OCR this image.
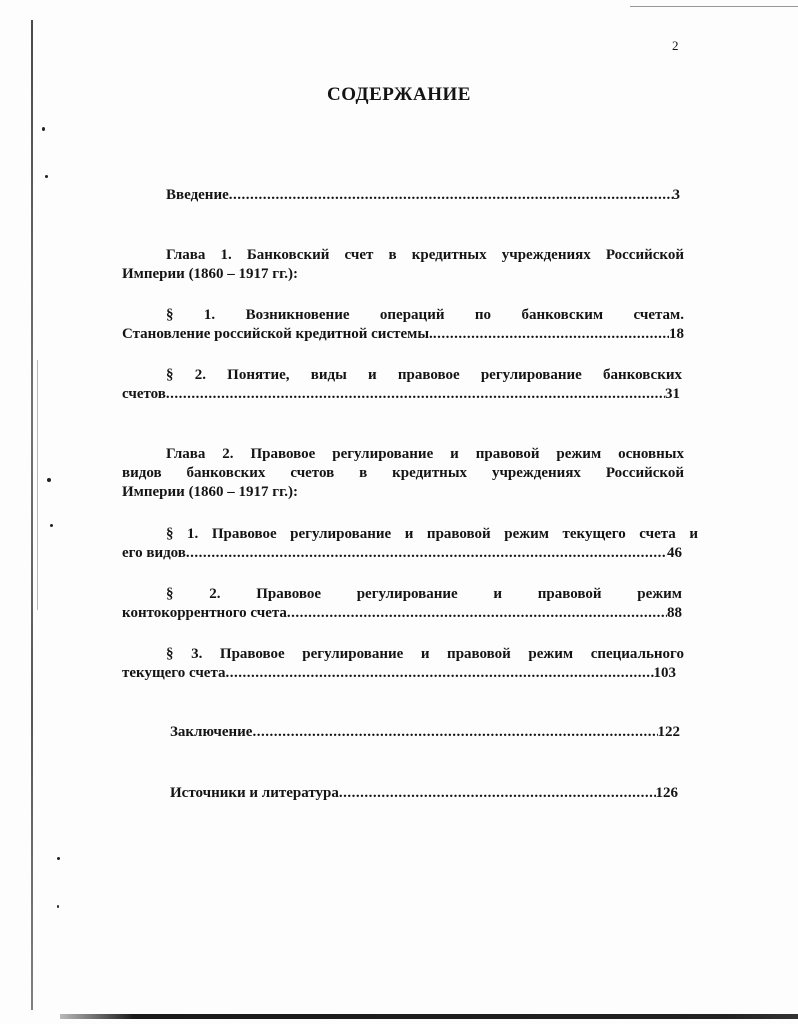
2
СОДЕРЖАНИЕ
Введение .....	3
Глава 1. Банковский счет в кредитных учреждениях Российской
Империи (1860 – 1917 гг.):
§ 1. Возникновение операций по банковским счетам.
Становление российской кредитной системы. .....	18
§ 2. Понятие, виды и правовое регулирование банковских
счетов .....	31
Глава 2. Правовое регулирование и правовой режим основных
видов банковских счетов в кредитных учреждениях Российской
Империи (1860 – 1917 гг.):
§ 1. Правовое регулирование и правовой режим текущего счета и
его видов .....	46
§ 2. Правовое регулирование и правовой режим
контокоррентного счета .....	88
§ 3. Правовое регулирование и правовой режим специального
текущего счета .....	103
Заключение .....	122
Источники и литература .....	126
